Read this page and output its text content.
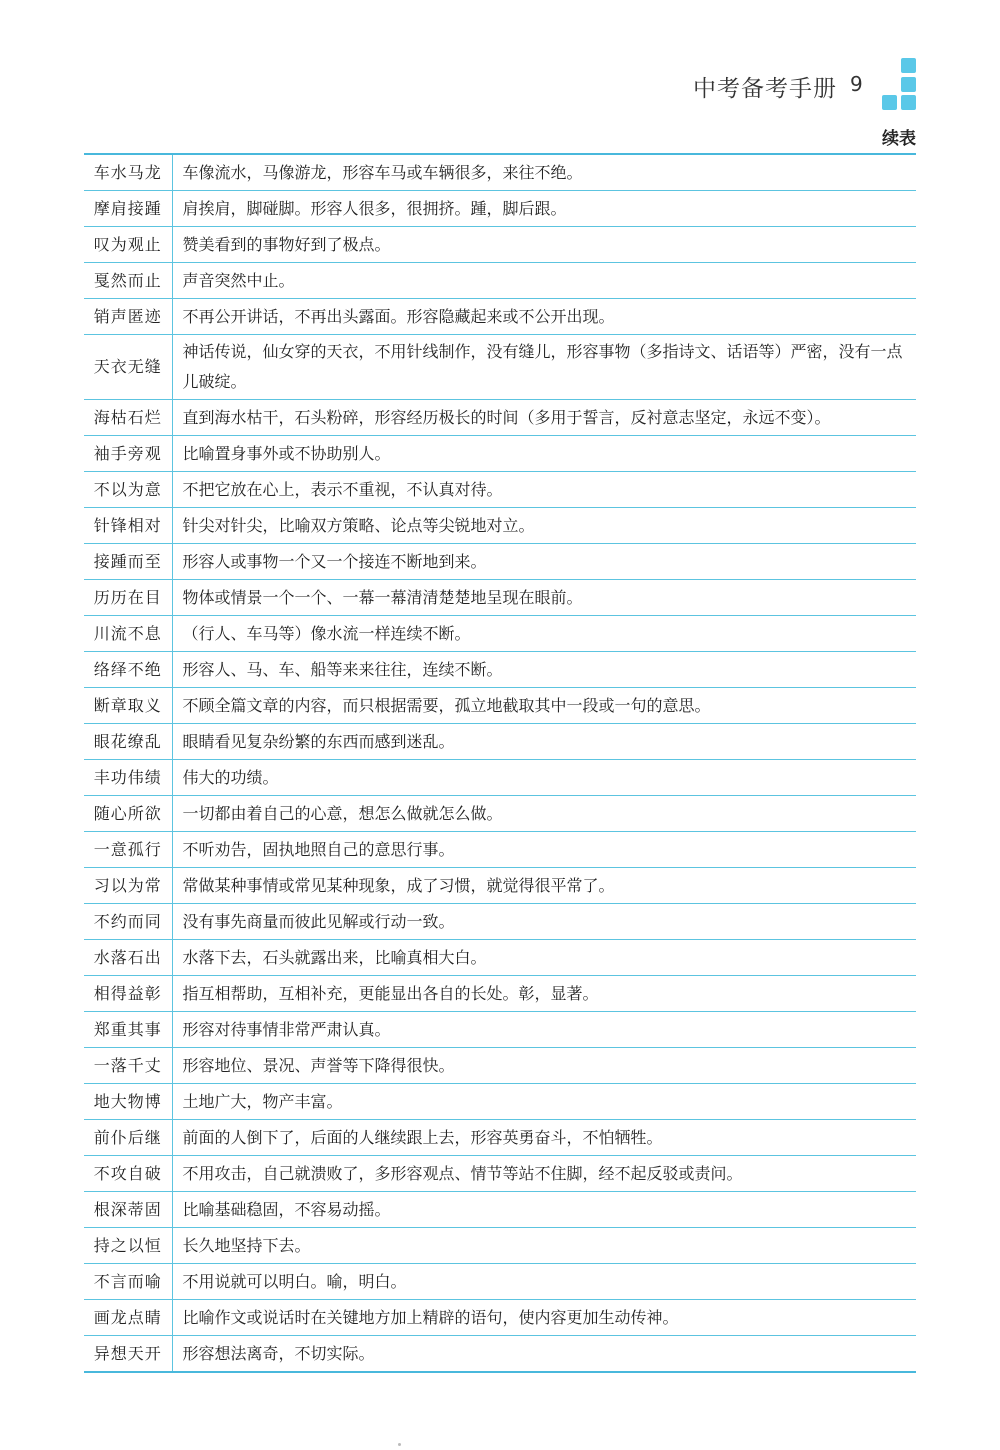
中考备考手册 9
续表
车水马龙	车像流水，马像游龙，形容车马或车辆很多，来往不绝。
摩肩接踵	肩挨肩，脚碰脚。形容人很多，很拥挤。踵，脚后跟。
叹为观止	赞美看到的事物好到了极点。
戛然而止	声音突然中止。
销声匿迹	不再公开讲话，不再出头露面。形容隐藏起来或不公开出现。
天衣无缝	神话传说，仙女穿的天衣，不用针线制作，没有缝儿，形容事物（多指诗文、话语等）严密，没有一点儿破绽。
海枯石烂	直到海水枯干，石头粉碎，形容经历极长的时间（多用于誓言，反衬意志坚定，永远不变）。
袖手旁观	比喻置身事外或不协助别人。
不以为意	不把它放在心上，表示不重视，不认真对待。
针锋相对	针尖对针尖，比喻双方策略、论点等尖锐地对立。
接踵而至	形容人或事物一个又一个接连不断地到来。
历历在目	物体或情景一个一个、一幕一幕清清楚楚地呈现在眼前。
川流不息	（行人、车马等）像水流一样连续不断。
络绎不绝	形容人、马、车、船等来来往往，连续不断。
断章取义	不顾全篇文章的内容，而只根据需要，孤立地截取其中一段或一句的意思。
眼花缭乱	眼睛看见复杂纷繁的东西而感到迷乱。
丰功伟绩	伟大的功绩。
随心所欲	一切都由着自己的心意，想怎么做就怎么做。
一意孤行	不听劝告，固执地照自己的意思行事。
习以为常	常做某种事情或常见某种现象，成了习惯，就觉得很平常了。
不约而同	没有事先商量而彼此见解或行动一致。
水落石出	水落下去，石头就露出来，比喻真相大白。
相得益彰	指互相帮助，互相补充，更能显出各自的长处。彰，显著。
郑重其事	形容对待事情非常严肃认真。
一落千丈	形容地位、景况、声誉等下降得很快。
地大物博	土地广大，物产丰富。
前仆后继	前面的人倒下了，后面的人继续跟上去，形容英勇奋斗，不怕牺牲。
不攻自破	不用攻击，自己就溃败了，多形容观点、情节等站不住脚，经不起反驳或责问。
根深蒂固	比喻基础稳固，不容易动摇。
持之以恒	长久地坚持下去。
不言而喻	不用说就可以明白。喻，明白。
画龙点睛	比喻作文或说话时在关键地方加上精辟的语句，使内容更加生动传神。
异想天开	形容想法离奇，不切实际。
